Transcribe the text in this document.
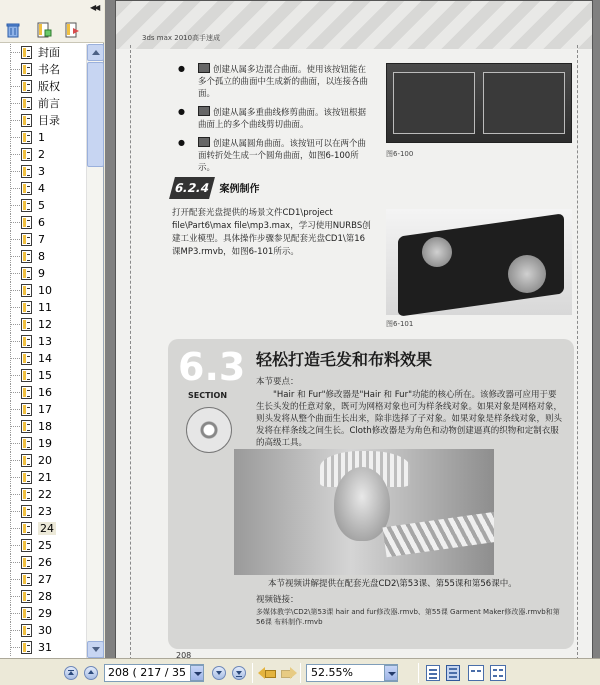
◀◀
封面
书名
版权
前言
目录
1
2
3
4
5
6
7
8
9
10
11
12
13
14
15
16
17
18
19
20
21
22
23
24
25
26
27
28
29
30
31
3ds max 2010高手速成
● 创建从属多边混合曲面。使用该按钮能在多个孤立的曲面中生成新的曲面，以连接各曲面。
● 创建从属多重曲线修剪曲面。该按钮根据曲面上的多个曲线剪切曲面。
● 创建从属圆角曲面。该按钮可以在两个曲面转折处生成一个圆角曲面，如图6-100所示。
图6-100
6.2.4 案例制作
打开配套光盘提供的场景文件CD1\project file\Part6\max file\mp3.max，学习使用NURBS创建工业模型。具体操作步骤参见配套光盘CD1\第16课MP3.rmvb，如图6-101所示。
图6-101
6.3
SECTION
轻松打造毛发和布料效果
本节要点：
"Hair 和 Fur"修改器是"Hair 和 Fur"功能的核心所在。该修改器可应用于要生长头发的任意对象，既可为网格对象也可为样条线对象。如果对象是网格对象，则头发将从整个曲面生长出来，除非选择了子对象。如果对象是样条线对象，则头发将在样条线之间生长。Cloth修改器是为角色和动物创建逼真的织物和定制衣服的高级工具。
本节视频讲解提供在配套光盘CD2\第53课、第55课和第56课中。
视频链接：
多媒体教学\CD2\第53课 hair and fur修改器.rmvb、第55课 Garment Maker修改器.rmvb和第56课 布料制作.rmvb
208
208 ( 217 / 35	52.55%
